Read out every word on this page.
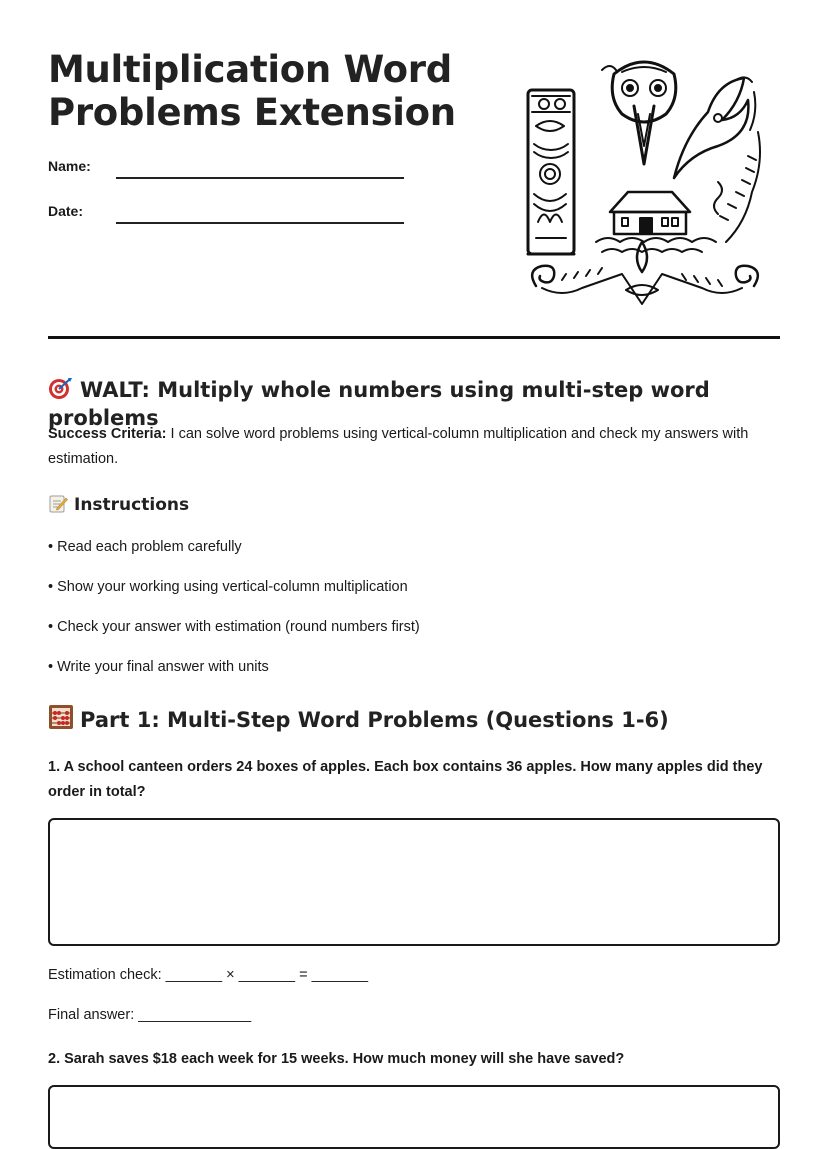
Multiplication Word Problems Extension
Name:
Date:
WALT: Multiply whole numbers using multi-step word problems

Success Criteria: I can solve word problems using vertical-column multiplication and check my answers with estimation.

Instructions
• Read each problem carefully
• Show your working using vertical-column multiplication
• Check your answer with estimation (round numbers first)
• Write your final answer with units
Part 1: Multi-Step Word Problems (Questions 1-6)

1. A school canteen orders 24 boxes of apples. Each box contains 36 apples. How many apples did they order in total?

Estimation check: _______ × _______ = _______

Final answer: ______________

2. Sarah saves $18 each week for 15 weeks. How much money will she have saved?
